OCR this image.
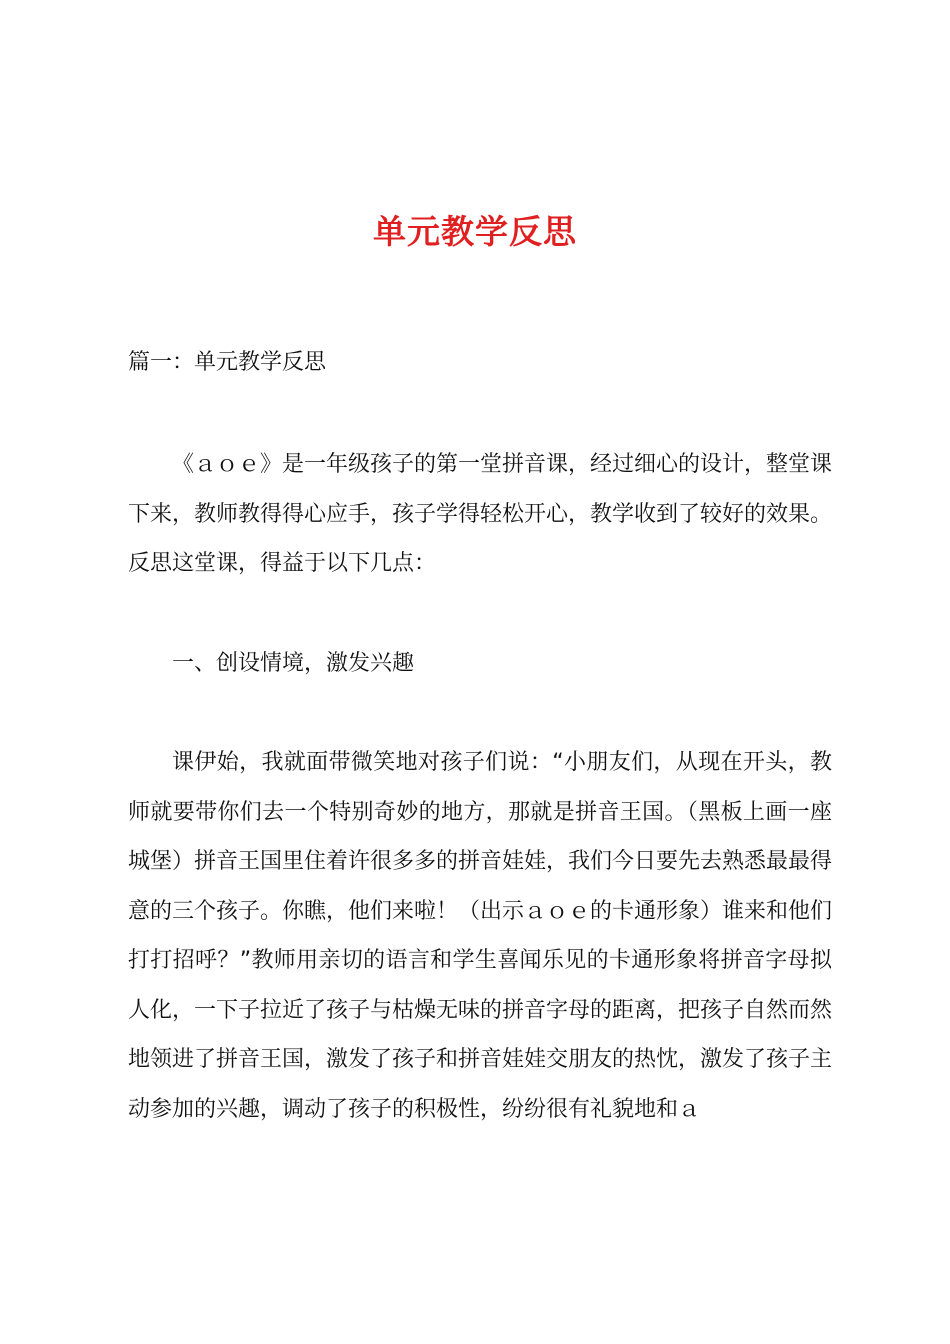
单元教学反思

篇一：单元教学反思

《ａｏｅ》是一年级孩子的第一堂拼音课，经过细心的设计，整堂课下来，教师教得得心应手，孩子学得轻松开心，教学收到了较好的效果。反思这堂课，得益于以下几点：

一、创设情境，激发兴趣

课伊始，我就面带微笑地对孩子们说：“小朋友们，从现在开头，教师就要带你们去一个特别奇妙的地方，那就是拼音王国。（黑板上画一座城堡）拼音王国里住着许很多多的拼音娃娃，我们今日要先去熟悉最最得意的三个孩子。你瞧，他们来啦！（出示ａｏｅ的卡通形象）谁来和他们打打招呼？”教师用亲切的语言和学生喜闻乐见的卡通形象将拼音字母拟人化，一下子拉近了孩子与枯燥无味的拼音字母的距离，把孩子自然而然地领进了拼音王国，激发了孩子和拼音娃娃交朋友的热忱，激发了孩子主动参加的兴趣，调动了孩子的积极性，纷纷很有礼貌地和ａ
